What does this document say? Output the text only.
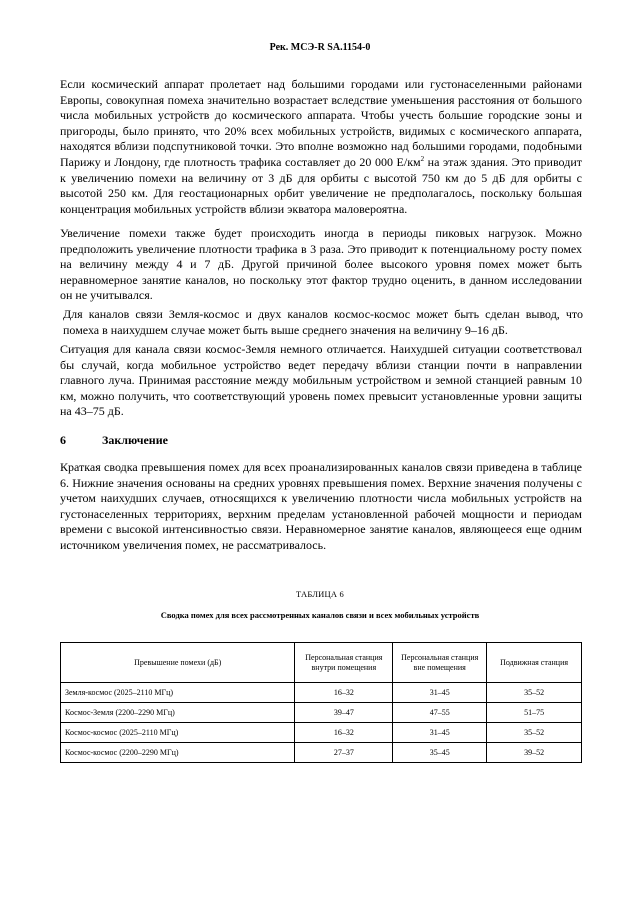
Рек. МСЭ-R SA.1154-0

Если космический аппарат пролетает над большими городами или густонаселенными районами Европы, совокупная помеха значительно возрастает вследствие уменьшения расстояния от большого числа мобильных устройств до космического аппарата. Чтобы учесть большие городские зоны и пригороды, было принято, что 20% всех мобильных устройств, видимых с космического аппарата, находятся вблизи подспутниковой точки. Это вполне возможно над большими городами, подобными Парижу и Лондону, где плотность трафика составляет до 20 000 $Е/км^2$ на этаж здания. Это приводит к увеличению помехи на величину от 3 дБ для орбиты с высотой 750 км до 5 дБ для орбиты с высотой 250 км. Для геостационарных орбит увеличение не предполагалось, поскольку большая концентрация мобильных устройств вблизи экватора маловероятна.

Увеличение помехи также будет происходить иногда в периоды пиковых нагрузок. Можно предположить увеличение плотности трафика в 3 раза. Это приводит к потенциальному росту помех на величину между 4 и 7 дБ. Другой причиной более высокого уровня помех может быть неравномерное занятие каналов, но поскольку этот фактор трудно оценить, в данном исследовании он не учитывался.

Для каналов связи Земля-космос и двух каналов космос-космос может быть сделан вывод, что помеха в наихудшем случае может быть выше среднего значения на величину 9–16 дБ.

Ситуация для канала связи космос-Земля немного отличается. Наихудшей ситуации соответствовал бы случай, когда мобильное устройство ведет передачу вблизи станции почти в направлении главного луча. Принимая расстояние между мобильным устройством и земной станцией равным 10 км, можно получить, что соответствующий уровень помех превысит установленные уровни защиты на 43–75 дБ.

6	Заключение

Краткая сводка превышения помех для всех проанализированных каналов связи приведена в таблице 6. Нижние значения основаны на средних уровнях превышения помех. Верхние значения получены с учетом наихудших случаев, относящихся к увеличению плотности числа мобильных устройств на густонаселенных территориях, верхним пределам установленной рабочей мощности и периодам времени с высокой интенсивностью связи. Неравномерное занятие каналов, являющееся еще одним источником увеличения помех, не рассматривалось.

ТАБЛИЦА 6
Сводка помех для всех рассмотренных каналов связи и всех мобильных устройств
Превышение помехи (дБ)	Персональная станция внутри помещения	Персональная станция вне помещения	Подвижная станция
Земля-космос (2025–2110 МГц)	16–32	31–45	35–52
Космос-Земля (2200–2290 МГц)	39–47	47–55	51–75
Космос-космос (2025–2110 МГц)	16–32	31–45	35–52
Космос-космос (2200–2290 МГц)	27–37	35–45	39–52
